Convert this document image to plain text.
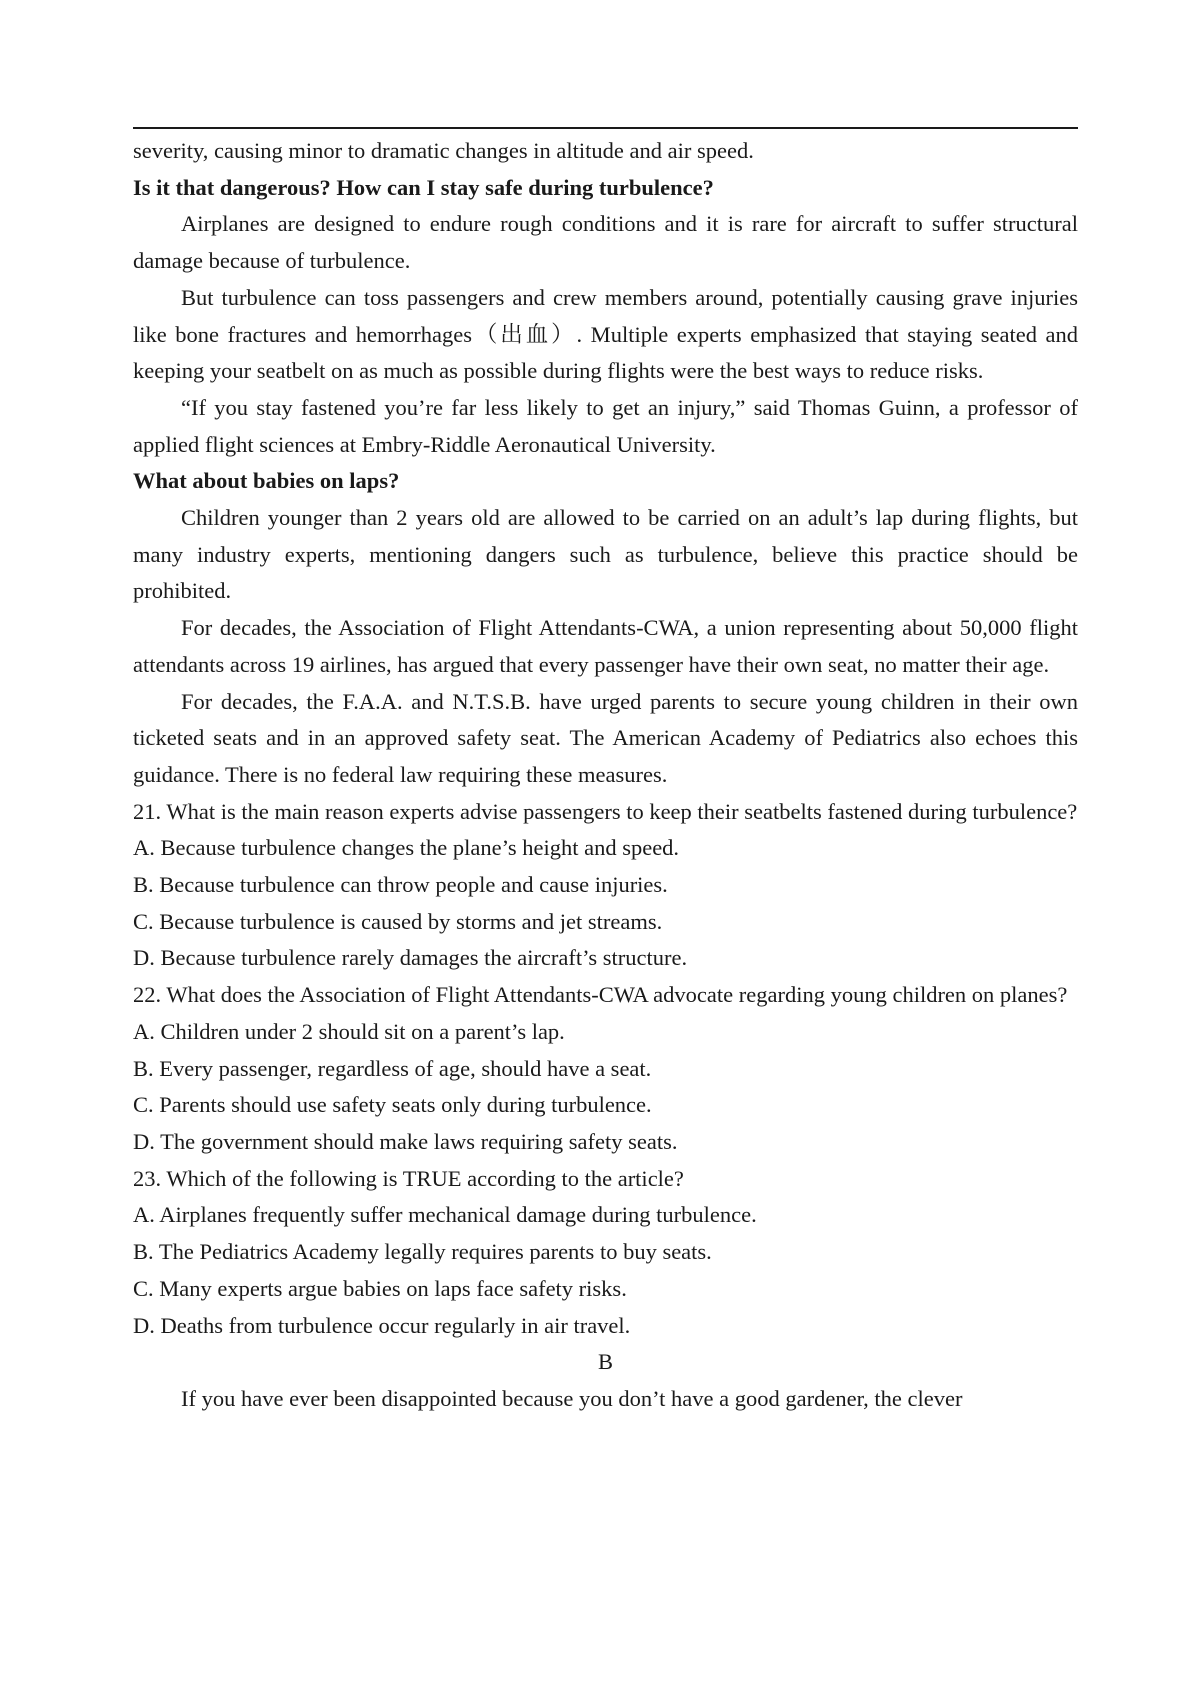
severity, causing minor to dramatic changes in altitude and air speed.

Is it that dangerous? How can I stay safe during turbulence?

Airplanes are designed to endure rough conditions and it is rare for aircraft to suffer structural damage because of turbulence.

But turbulence can toss passengers and crew members around, potentially causing grave injuries like bone fractures and hemorrhages（出血）. Multiple experts emphasized that staying seated and keeping your seatbelt on as much as possible during flights were the best ways to reduce risks.

“If you stay fastened you’re far less likely to get an injury,” said Thomas Guinn, a professor of applied flight sciences at Embry-Riddle Aeronautical University.

What about babies on laps?

Children younger than 2 years old are allowed to be carried on an adult’s lap during flights, but many industry experts, mentioning dangers such as turbulence, believe this practice should be prohibited.

For decades, the Association of Flight Attendants-CWA, a union representing about 50,000 flight attendants across 19 airlines, has argued that every passenger have their own seat, no matter their age.

For decades, the F.A.A. and N.T.S.B. have urged parents to secure young children in their own ticketed seats and in an approved safety seat. The American Academy of Pediatrics also echoes this guidance. There is no federal law requiring these measures.

21. What is the main reason experts advise passengers to keep their seatbelts fastened during turbulence?

A. Because turbulence changes the plane’s height and speed.

B. Because turbulence can throw people and cause injuries.

C. Because turbulence is caused by storms and jet streams.

D. Because turbulence rarely damages the aircraft’s structure.

22. What does the Association of Flight Attendants-CWA advocate regarding young children on planes?

A. Children under 2 should sit on a parent’s lap.

B. Every passenger, regardless of age, should have a seat.

C. Parents should use safety seats only during turbulence.

D. The government should make laws requiring safety seats.

23. Which of the following is TRUE according to the article?

A. Airplanes frequently suffer mechanical damage during turbulence.

B. The Pediatrics Academy legally requires parents to buy seats.

C. Many experts argue babies on laps face safety risks.

D. Deaths from turbulence occur regularly in air travel.

B

If you have ever been disappointed because you don’t have a good gardener, the clever
